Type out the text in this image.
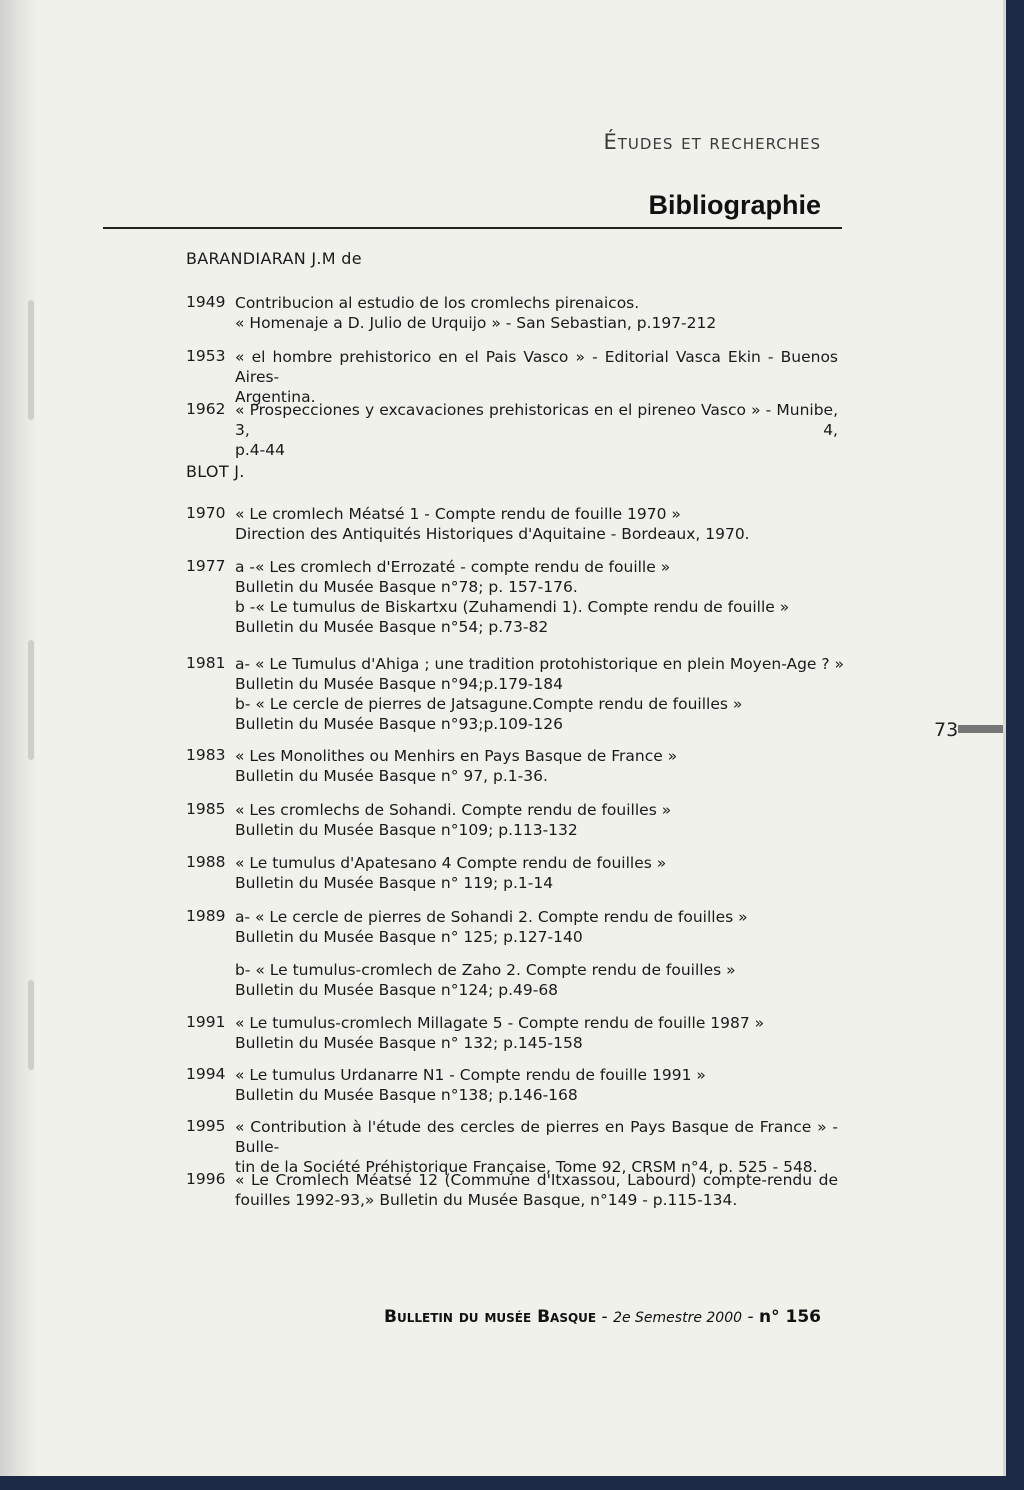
Études et recherches
Bibliographie
BARANDIARAN J.M de
1949 Contribucion al estudio de los cromlechs pirenaicos.
« Homenaje a D. Julio de Urquijo » - San Sebastian, p.197-212
1953 « el hombre prehistorico en el Pais Vasco » - Editorial Vasca Ekin - Buenos Aires-
Argentina.
1962 « Prospecciones y excavaciones prehistoricas en el pireneo Vasco » - Munibe, 3, 4,
p.4-44
BLOT J.
1970 « Le cromlech Méatsé 1 - Compte rendu de fouille 1970 »
Direction des Antiquités Historiques d'Aquitaine - Bordeaux, 1970.
1977 a -« Les cromlech d'Errozaté - compte rendu de fouille »
Bulletin du Musée Basque n°78; p. 157-176.
b -« Le tumulus de Biskartxu (Zuhamendi 1). Compte rendu de fouille »
Bulletin du Musée Basque n°54; p.73-82
1981 a- « Le Tumulus d'Ahiga ; une tradition protohistorique en plein Moyen-Age ? »
Bulletin du Musée Basque n°94;p.179-184
b- « Le cercle de pierres de Jatsagune.Compte rendu de fouilles »
Bulletin du Musée Basque n°93;p.109-126
1983 « Les Monolithes ou Menhirs en Pays Basque de France »
Bulletin du Musée Basque n° 97, p.1-36.
1985 « Les cromlechs de Sohandi. Compte rendu de fouilles »
Bulletin du Musée Basque n°109; p.113-132
1988 « Le tumulus d'Apatesano 4 Compte rendu de fouilles »
Bulletin du Musée Basque n° 119; p.1-14
1989 a- « Le cercle de pierres de Sohandi 2. Compte rendu de fouilles »
Bulletin du Musée Basque n° 125; p.127-140
b- « Le tumulus-cromlech de Zaho 2. Compte rendu de fouilles »
Bulletin du Musée Basque n°124; p.49-68
1991 « Le tumulus-cromlech Millagate 5 - Compte rendu de fouille 1987 »
Bulletin du Musée Basque n° 132; p.145-158
1994 « Le tumulus Urdanarre N1 - Compte rendu de fouille 1991 »
Bulletin du Musée Basque n°138; p.146-168
1995 « Contribution à l'étude des cercles de pierres en Pays Basque de France » - Bulle-
tin de la Société Préhistorique Française, Tome 92, CRSM n°4, p. 525 - 548.
1996 « Le Cromlech Méatsé 12 (Commune d'Itxassou, Labourd) compte-rendu de
fouilles 1992-93,» Bulletin du Musée Basque, n°149 - p.115-134.
73
Bulletin du musée Basque - 2e Semestre 2000 - n° 156
